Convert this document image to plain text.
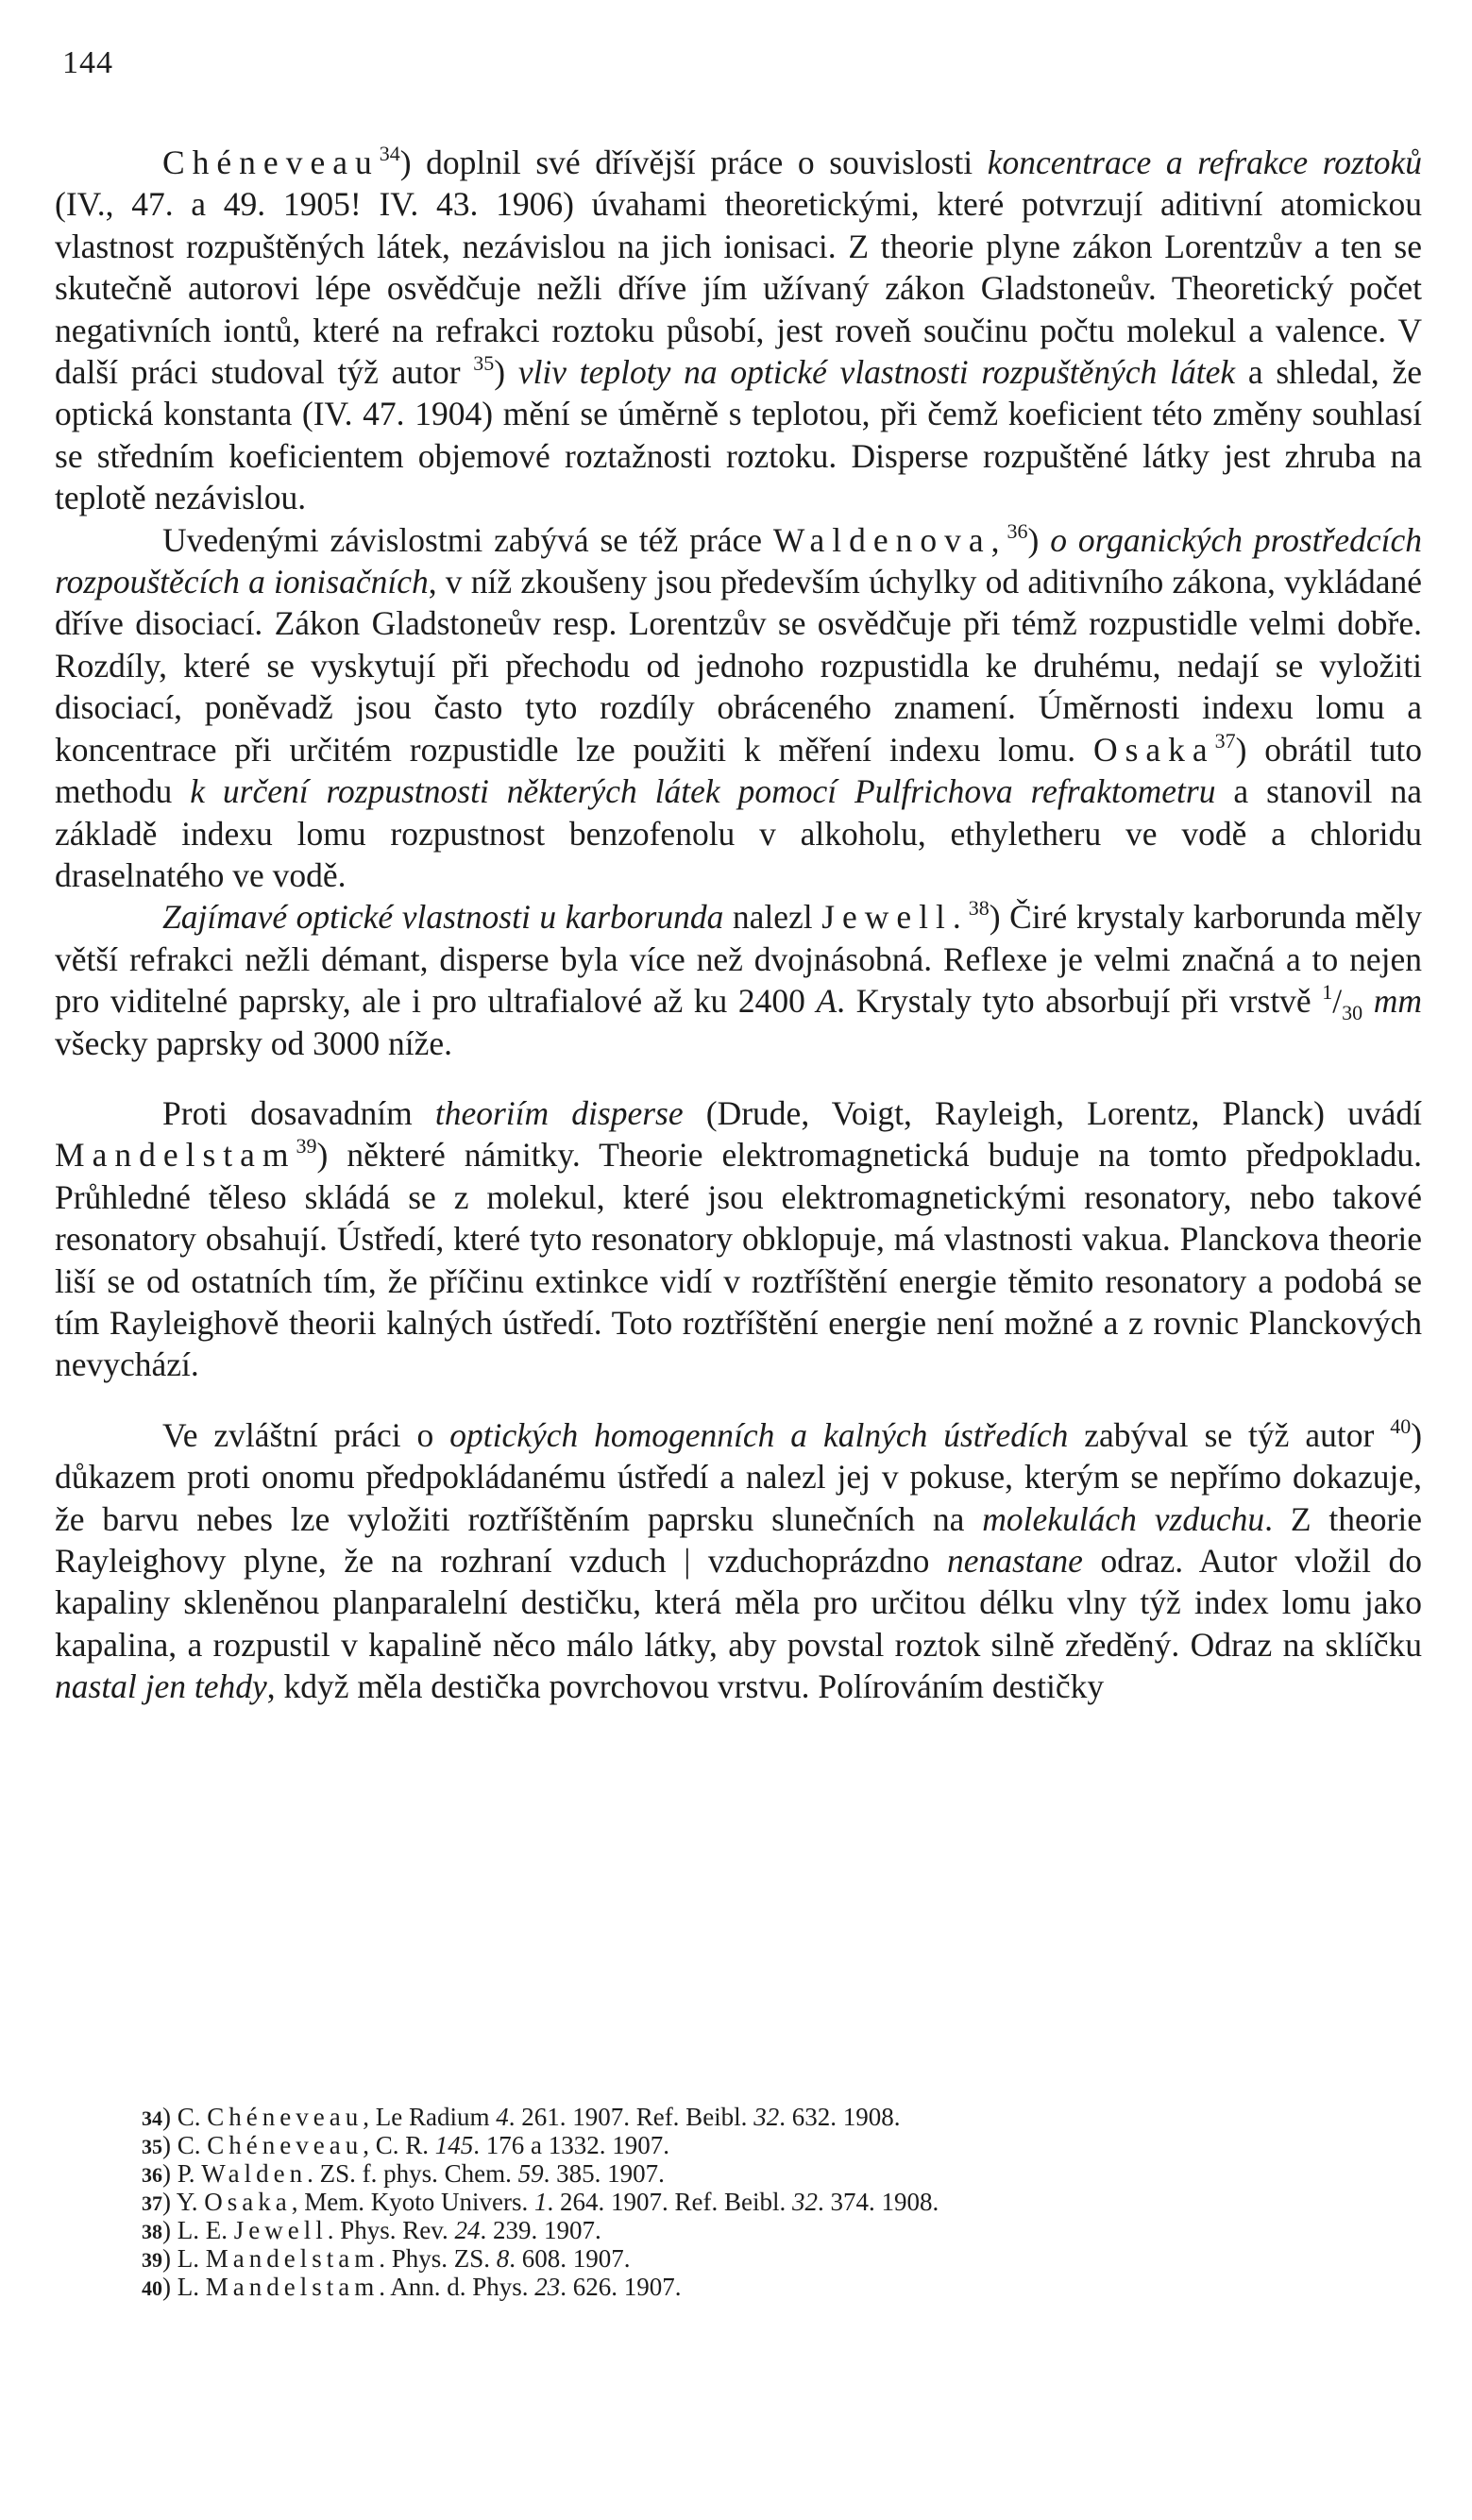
144

Chéneveau$^{34}$) doplnil své dřívější práce o souvislosti koncentrace a refrakce roztoků (IV., 47. a 49. 1905! IV. 43. 1906) úvahami theoretickými, které potvrzují aditivní atomickou vlastnost rozpuštěných látek, nezávislou na jich ionisaci. Z theorie plyne zákon Lorentzův a ten se skutečně autorovi lépe osvědčuje nežli dříve jím užívaný zákon Gladstoneův. Theoretický počet negativních iontů, které na refrakci roztoku působí, jest roveň součinu počtu molekul a valence. V další práci studoval týž autor $^{35}$) vliv teploty na optické vlastnosti rozpuštěných látek a shledal, že optická konstanta (IV. 47. 1904) mění se úměrně s teplotou, při čemž koeficient této změny souhlasí se středním koeficientem objemové roztažnosti roztoku. Disperse rozpuštěné látky jest zhruba na teplotě nezávislou.

Uvedenými závislostmi zabývá se též práce Waldenova,$^{36}$) o organických prostředcích rozpouštěcích a ionisačních, v níž zkoušeny jsou především úchylky od aditivního zákona, vykládané dříve disociací. Zákon Gladstoneův resp. Lorentzův se osvědčuje při témž rozpustidle velmi dobře. Rozdíly, které se vyskytují při přechodu od jednoho rozpustidla ke druhému, nedají se vyložiti disociací, poněvadž jsou často tyto rozdíly obráceného znamení. Úměrnosti indexu lomu a koncentrace při určitém rozpustidle lze použiti k měření indexu lomu. Osaka$^{37}$) obrátil tuto methodu k určení rozpustnosti některých látek pomocí Pulfrichova refraktometru a stanovil na základě indexu lomu rozpustnost benzofenolu v alkoholu, ethyletheru ve vodě a chloridu draselnatého ve vodě.

Zajímavé optické vlastnosti u karborunda nalezl Jewell.$^{38}$) Čiré krystaly karborunda měly větší refrakci nežli démant, disperse byla více než dvojnásobná. Reflexe je velmi značná a to nejen pro viditelné paprsky, ale i pro ultrafialové až ku 2400 A. Krystaly tyto absorbují při vrstvě $^1/_{30}$ mm všecky paprsky od 3000 níže.

Proti dosavadním theoriím disperse (Drude, Voigt, Rayleigh, Lorentz, Planck) uvádí Mandelstam$^{39}$) některé námitky. Theorie elektromagnetická buduje na tomto předpokladu. Průhledné těleso skládá se z molekul, které jsou elektromagnetickými resonatory, nebo takové resonatory obsahují. Ústředí, které tyto resonatory obklopuje, má vlastnosti vakua. Planckova theorie liší se od ostatních tím, že příčinu extinkce vidí v roztříštění energie těmito resonatory a podobá se tím Rayleighově theorii kalných ústředí. Toto roztříštění energie není možné a z rovnic Planckových nevychází.

Ve zvláštní práci o optických homogenních a kalných ústředích zabýval se týž autor $^{40}$) důkazem proti onomu předpokládanému ústředí a nalezl jej v pokuse, kterým se nepřímo dokazuje, že barvu nebes lze vyložiti roztříštěním paprsku slunečních na molekulách vzduchu. Z theorie Rayleighovy plyne, že na rozhraní vzduch | vzduchoprázdno nenastane odraz. Autor vložil do kapaliny skleněnou planparalelní destičku, která měla pro určitou délku vlny týž index lomu jako kapalina, a rozpustil v kapalině něco málo látky, aby povstal roztok silně zředěný. Odraz na sklíčku nastal jen tehdy, když měla destička povrchovou vrstvu. Polírováním destičky

34) C. Chéneveau, Le Radium 4. 261. 1907. Ref. Beibl. 32. 632. 1908.
35) C. Chéneveau, C. R. 145. 176 a 1332. 1907.
36) P. Walden. ZS. f. phys. Chem. 59. 385. 1907.
37) Y. Osaka, Mem. Kyoto Univers. 1. 264. 1907. Ref. Beibl. 32. 374. 1908.
38) L. E. Jewell. Phys. Rev. 24. 239. 1907.
39) L. Mandelstam. Phys. ZS. 8. 608. 1907.
40) L. Mandelstam. Ann. d. Phys. 23. 626. 1907.
